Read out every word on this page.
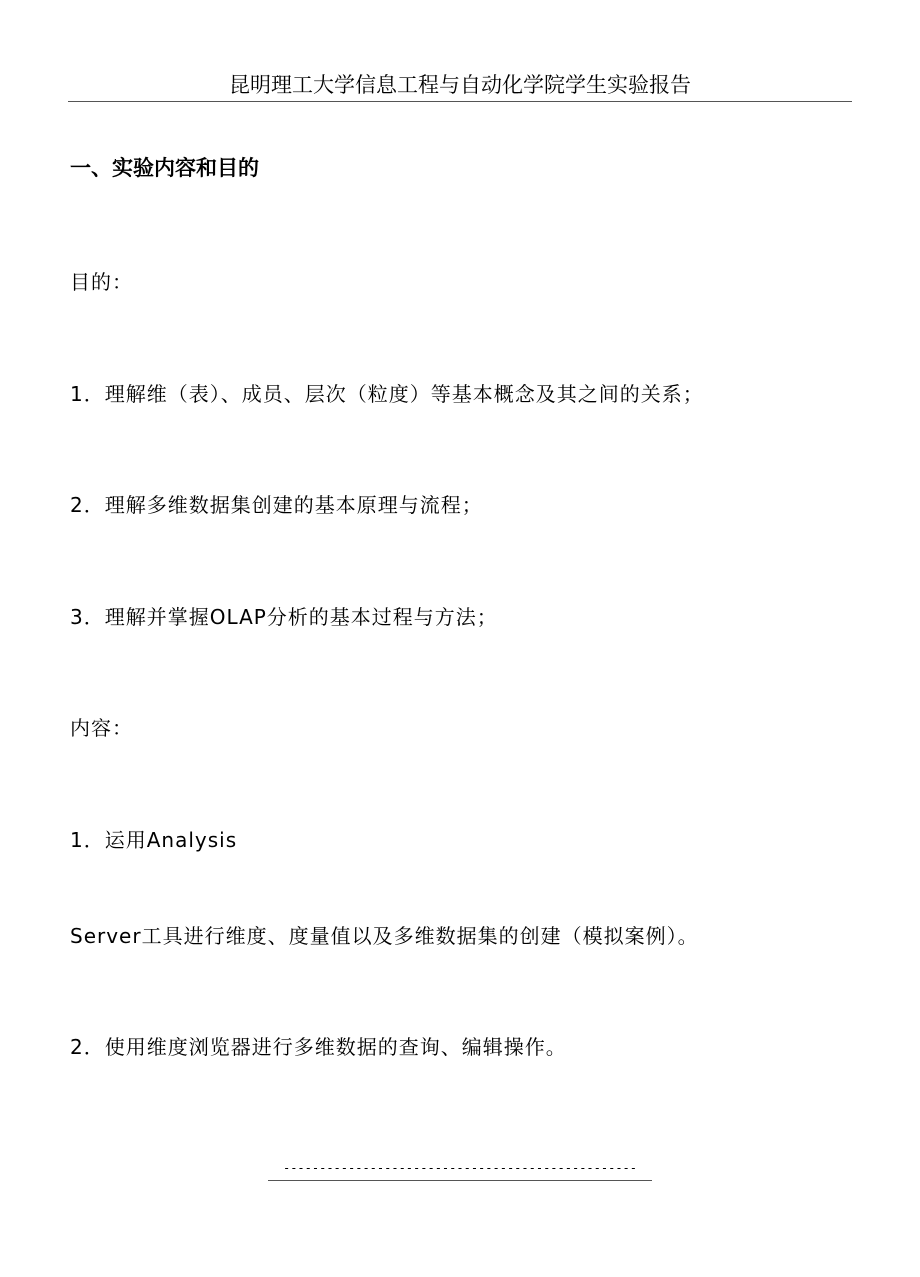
昆明理工大学信息工程与自动化学院学生实验报告
一、实验内容和目的
目的：
1．理解维（表）、成员、层次（粒度）等基本概念及其之间的关系；
2．理解多维数据集创建的基本原理与流程；
3．理解并掌握OLAP分析的基本过程与方法；
内容：
1．运用Analysis
Server工具进行维度、度量值以及多维数据集的创建（模拟案例）。
2．使用维度浏览器进行多维数据的查询、编辑操作。
-------------------------------------------------
